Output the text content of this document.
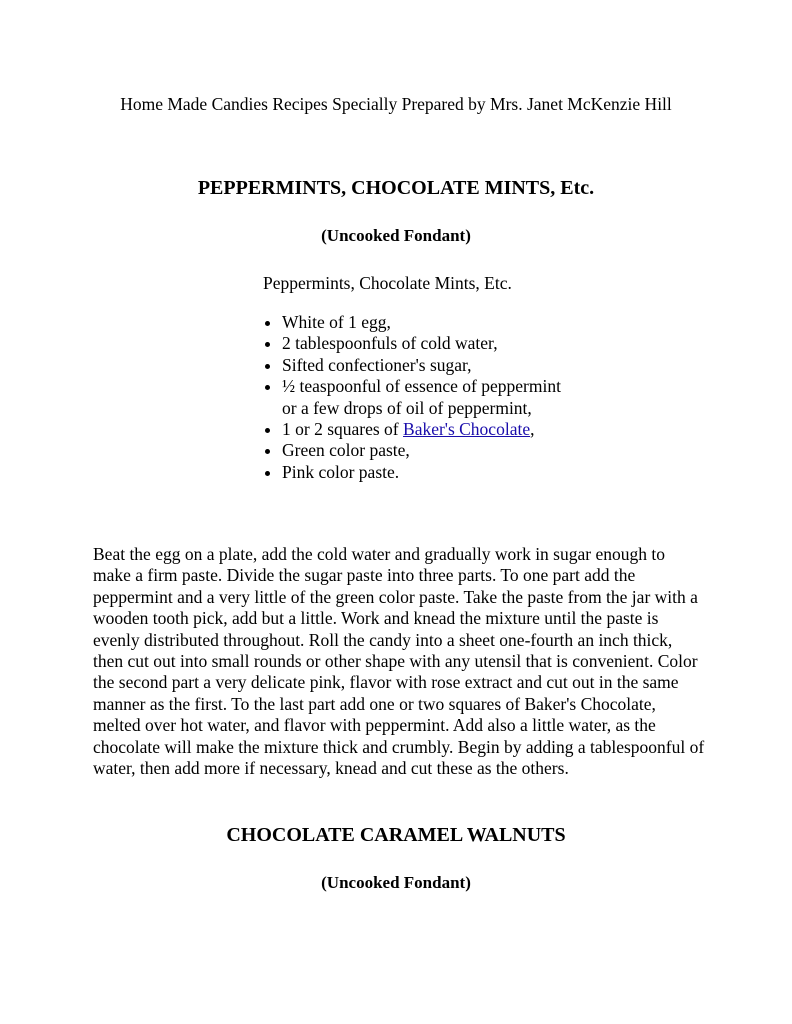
Home Made Candies Recipes Specially Prepared by Mrs. Janet McKenzie Hill
PEPPERMINTS, CHOCOLATE MINTS, Etc.
(Uncooked Fondant)
Peppermints, Chocolate Mints, Etc.
• White of 1 egg,
• 2 tablespoonfuls of cold water,
• Sifted confectioner's sugar,
• ½ teaspoonful of essence of peppermint or a few drops of oil of peppermint,
• 1 or 2 squares of Baker's Chocolate,
• Green color paste,
• Pink color paste.

Beat the egg on a plate, add the cold water and gradually work in sugar enough to make a firm paste. Divide the sugar paste into three parts. To one part add the peppermint and a very little of the green color paste. Take the paste from the jar with a wooden tooth pick, add but a little. Work and knead the mixture until the paste is evenly distributed throughout. Roll the candy into a sheet one-fourth an inch thick, then cut out into small rounds or other shape with any utensil that is convenient. Color the second part a very delicate pink, flavor with rose extract and cut out in the same manner as the first. To the last part add one or two squares of Baker's Chocolate, melted over hot water, and flavor with peppermint. Add also a little water, as the chocolate will make the mixture thick and crumbly. Begin by adding a tablespoonful of water, then add more if necessary, knead and cut these as the others.

CHOCOLATE CARAMEL WALNUTS
(Uncooked Fondant)
